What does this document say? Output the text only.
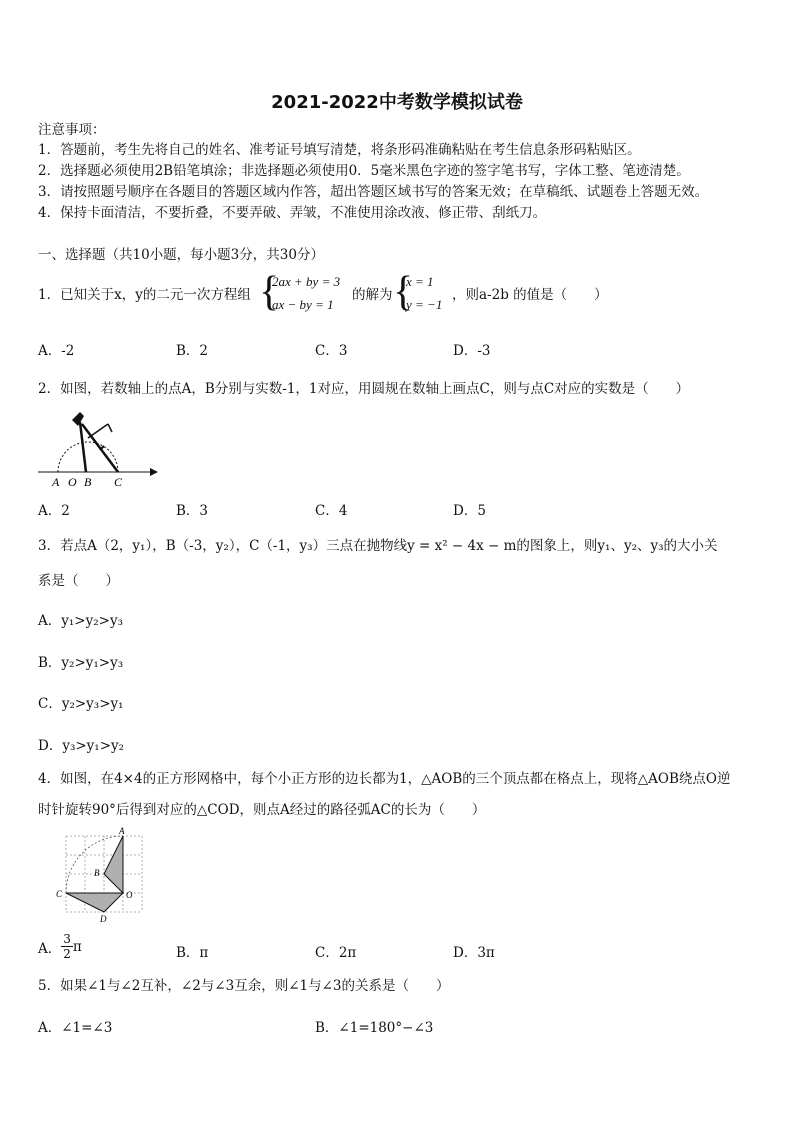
2021-2022中考数学模拟试卷
注意事项：
1．答题前，考生先将自己的姓名、准考证号填写清楚，将条形码准确粘贴在考生信息条形码粘贴区。
2．选择题必须使用2B铅笔填涂；非选择题必须使用0．5毫米黑色字迹的签字笔书写，字体工整、笔迹清楚。
3．请按照题号顺序在各题目的答题区域内作答，超出答题区域书写的答案无效；在草稿纸、试题卷上答题无效。
4．保持卡面清洁，不要折叠，不要弄破、弄皱，不准使用涂改液、修正带、刮纸刀。
一、选择题（共10小题，每小题3分，共30分）
1．已知关于x，y的二元一次方程组 {
2ax + by = 3
ax − by = 1
的解为 {
x = 1
y = −1
，则a-2b 的值是（　　）
A．-2	B．2	C．3	D．-3
2．如图，若数轴上的点A，B分别与实数-1，1对应，用圆规在数轴上画点C，则与点C对应的实数是（　　）
A O B C
A．2	B．3	C．4	D．5
3．若点A（2，y₁），B（-3，y₂），C（-1，y₃）三点在抛物线y = x² − 4x − m的图象上，则y₁、y₂、y₃的大小关
系是（　　）
A．y₁>y₂>y₃
B．y₂>y₁>y₃
C．y₂>y₃>y₁
D．y₃>y₁>y₂
4．如图，在4×4的正方形网格中，每个小正方形的边长都为1，△AOB的三个顶点都在格点上，现将△AOB绕点O逆
时针旋转90°后得到对应的△COD，则点A经过的路径弧AC的长为（　　）
A
B
C	O
D
A． $\frac{3}{2}$ π	B．π	C．2π	D．3π
5．如果∠1与∠2互补，∠2与∠3互余，则∠1与∠3的关系是（　　）
A．∠1=∠3	B．∠1=180°−∠3
